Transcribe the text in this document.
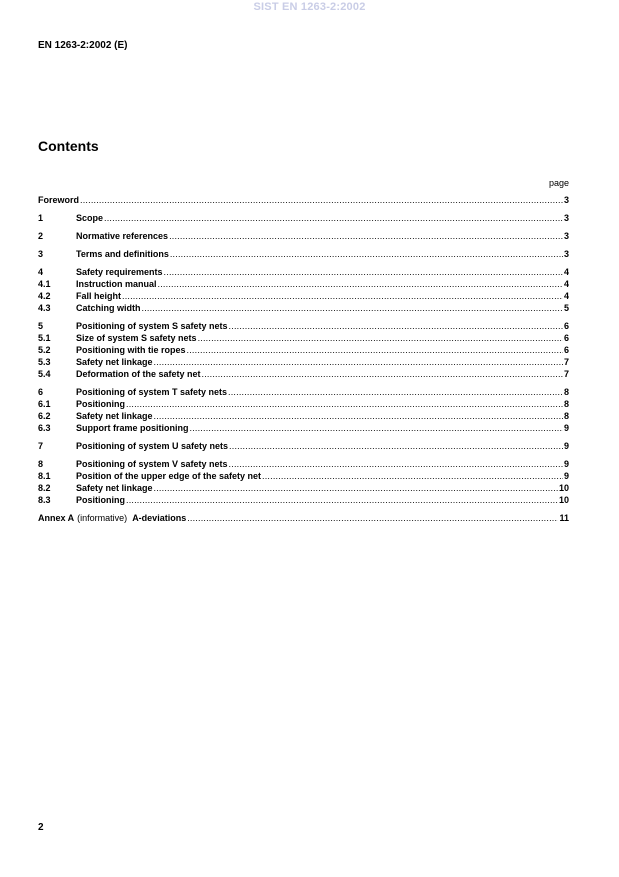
SIST EN 1263-2:2002
EN 1263-2:2002 (E)
Contents
page
Foreword .....	3
1	Scope .....	3
2	Normative references .....	3
3	Terms and definitions .....	3
4	Safety requirements .....	4
4.1	Instruction manual .....	4
4.2	Fall height .....	4
4.3	Catching width .....	5
5	Positioning of system S safety nets .....	6
5.1	Size of system S safety nets .....	6
5.2	Positioning with tie ropes .....	6
5.3	Safety net linkage .....	7
5.4	Deformation of the safety net .....	7
6	Positioning of system T safety nets .....	8
6.1	Positioning .....	8
6.2	Safety net linkage .....	8
6.3	Support frame positioning .....	9
7	Positioning of system U safety nets .....	9
8	Positioning of system V safety nets .....	9
8.1	Position of the upper edge of the safety net .....	9
8.2	Safety net linkage .....	10
8.3	Positioning .....	10
Annex A (informative) A-deviations .....	11
2
